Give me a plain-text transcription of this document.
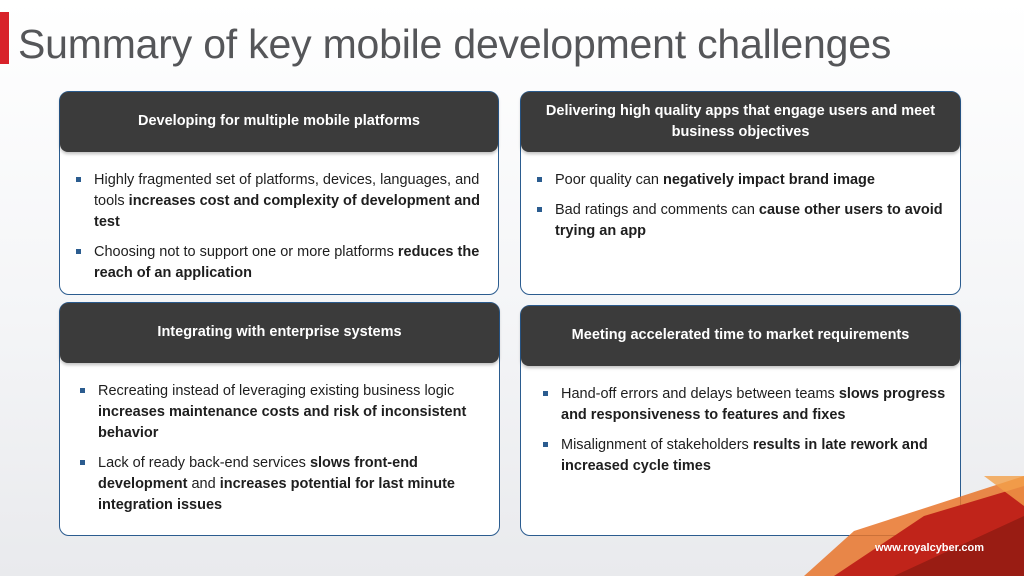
Summary of key mobile development challenges
Developing for multiple mobile platforms
Highly fragmented set of platforms, devices, languages, and tools increases cost and complexity of development and test
Choosing not to support one or more platforms reduces the reach of an application
Delivering high quality apps that engage users and meet business objectives
Poor quality can negatively impact brand image
Bad ratings and comments can cause other users to avoid trying an app
Integrating with enterprise systems
Recreating instead of leveraging existing business logic increases maintenance costs and risk of inconsistent behavior
Lack of ready back-end services slows front-end development and increases potential for last minute integration issues
Meeting accelerated time to market requirements
Hand-off errors and delays between teams slows progress and responsiveness to features and fixes
Misalignment of stakeholders results in late rework and increased cycle times
www.royalcyber.com
